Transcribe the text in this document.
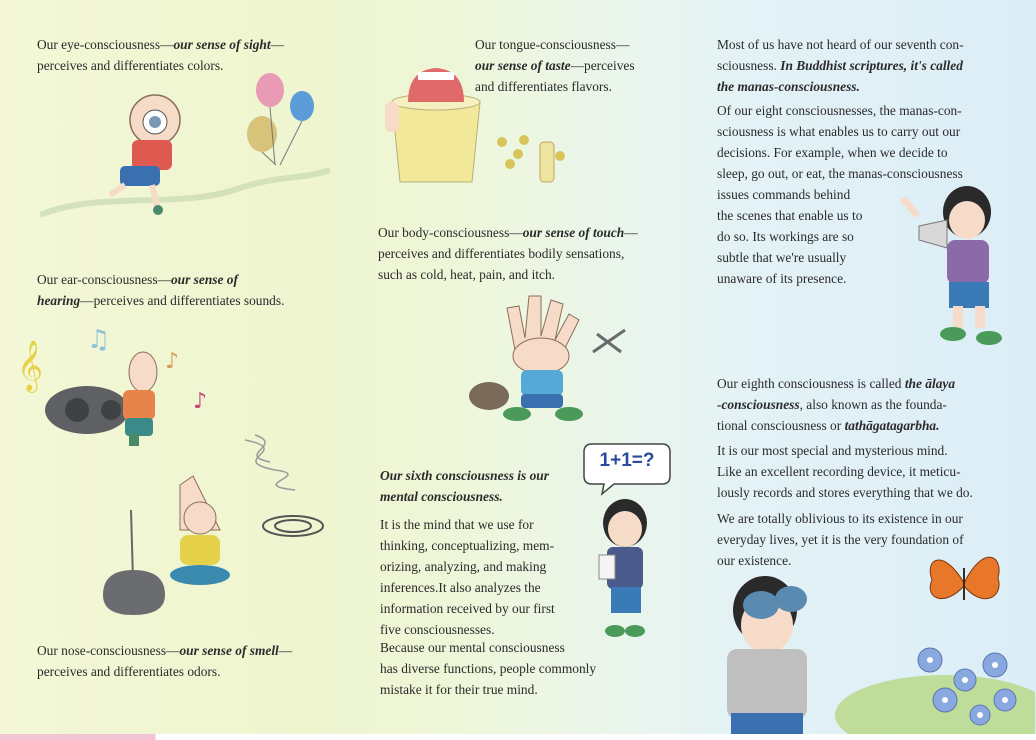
Our eye-consciousness—our sense of sight—
perceives and differentiates colors.
Our ear-consciousness—our sense of
hearing—perceives and differentiates sounds.
𝄞 ♫
♪
♪
Our nose-consciousness—our sense of smell—
perceives and differentiates odors.
Our tongue-consciousness—
our sense of taste—perceives
and differentiates flavors.
Our body-consciousness—our sense of touch—
perceives and differentiates bodily sensations,
such as cold, heat, pain, and itch.
1+1=?
Our sixth consciousness is our
mental consciousness.
It is the mind that we use for
thinking, conceptualizing, mem-
orizing, analyzing, and making
inferences.It also analyzes the
information received by our first
five consciousnesses.
Because our mental consciousness
has diverse functions, people commonly
mistake it for their true mind.
Most of us have not heard of our seventh con-
sciousness. In Buddhist scriptures, it's called
the manas-consciousness.
Of our eight consciousnesses, the manas-con-
sciousness is what enables us to carry out our
decisions. For example, when we decide to
sleep, go out, or eat, the manas-consciousness
issues commands behind
the scenes that enable us to
do so. Its workings are so
subtle that we're usually
unaware of its presence.
Our eighth consciousness is called the ālaya
-consciousness, also known as the founda-
tional consciousness or tathāgatagarbha.
It is our most special and mysterious mind.
Like an excellent recording device, it meticu-
lously records and stores everything that we do.
We are totally oblivious to its existence in our
everyday lives, yet it is the very foundation of
our existence.
